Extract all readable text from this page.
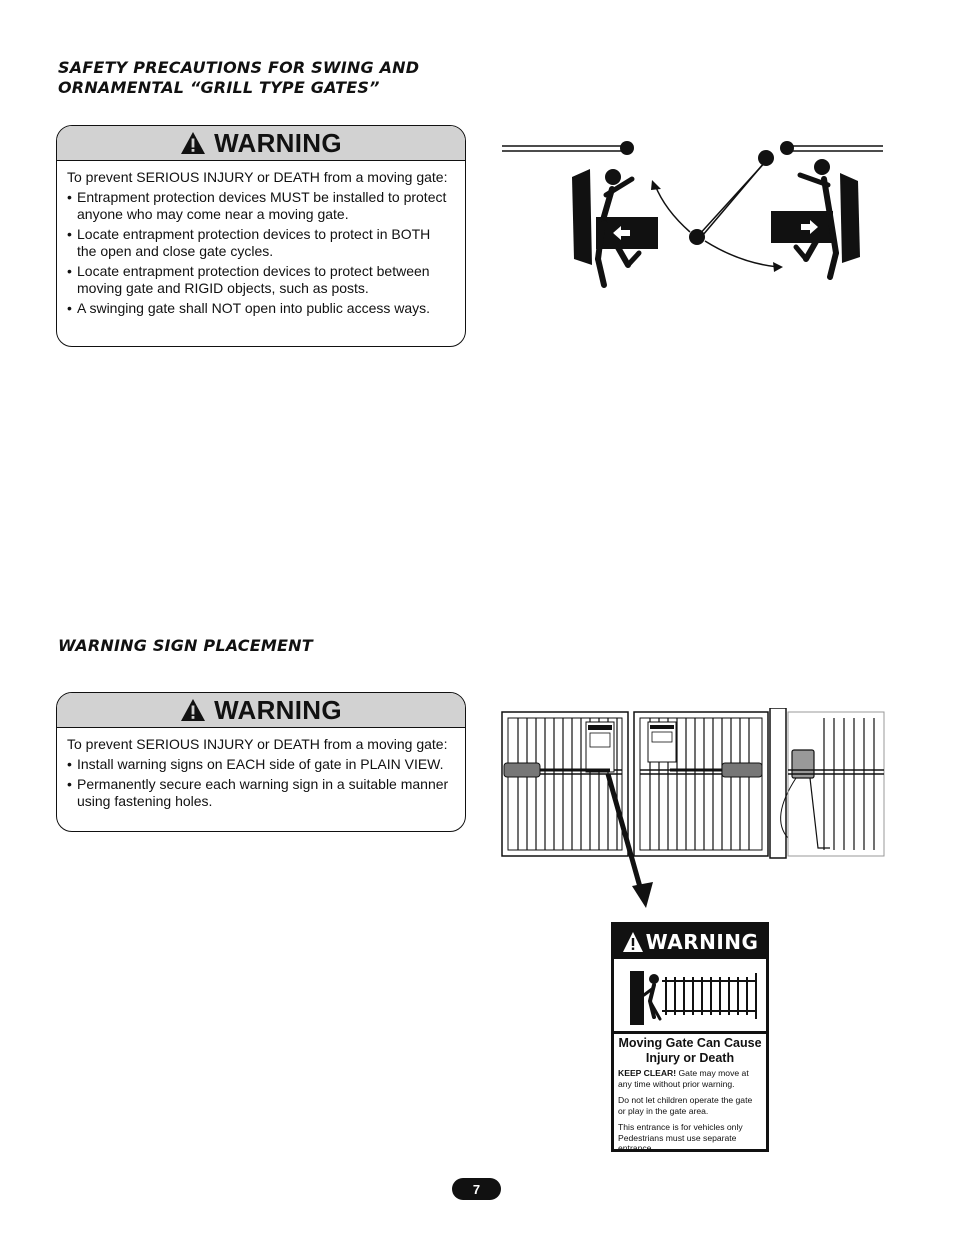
SAFETY PRECAUTIONS FOR SWING AND
ORNAMENTAL “GRILL TYPE GATES”
WARNING

To prevent SERIOUS INJURY or DEATH from a moving gate:

• Entrapment protection devices MUST be installed to protect anyone who may come near a moving gate.
• Locate entrapment protection devices to protect in BOTH the open and close gate cycles.
• Locate entrapment protection devices to protect between moving gate and RIGID objects, such as posts.
• A swinging gate shall NOT open into public access ways.
WARNING SIGN PLACEMENT
WARNING

To prevent SERIOUS INJURY or DEATH from a moving gate:

• Install warning signs on EACH side of gate in PLAIN VIEW.
• Permanently secure each warning sign in a suitable manner using fastening holes.
WARNING
Moving Gate Can Cause Injury or Death

KEEP CLEAR! Gate may move at any time without prior warning.

Do not let children operate the gate or play in the gate area.

This entrance is for vehicles only
Pedestrians must use separate entrance

7
